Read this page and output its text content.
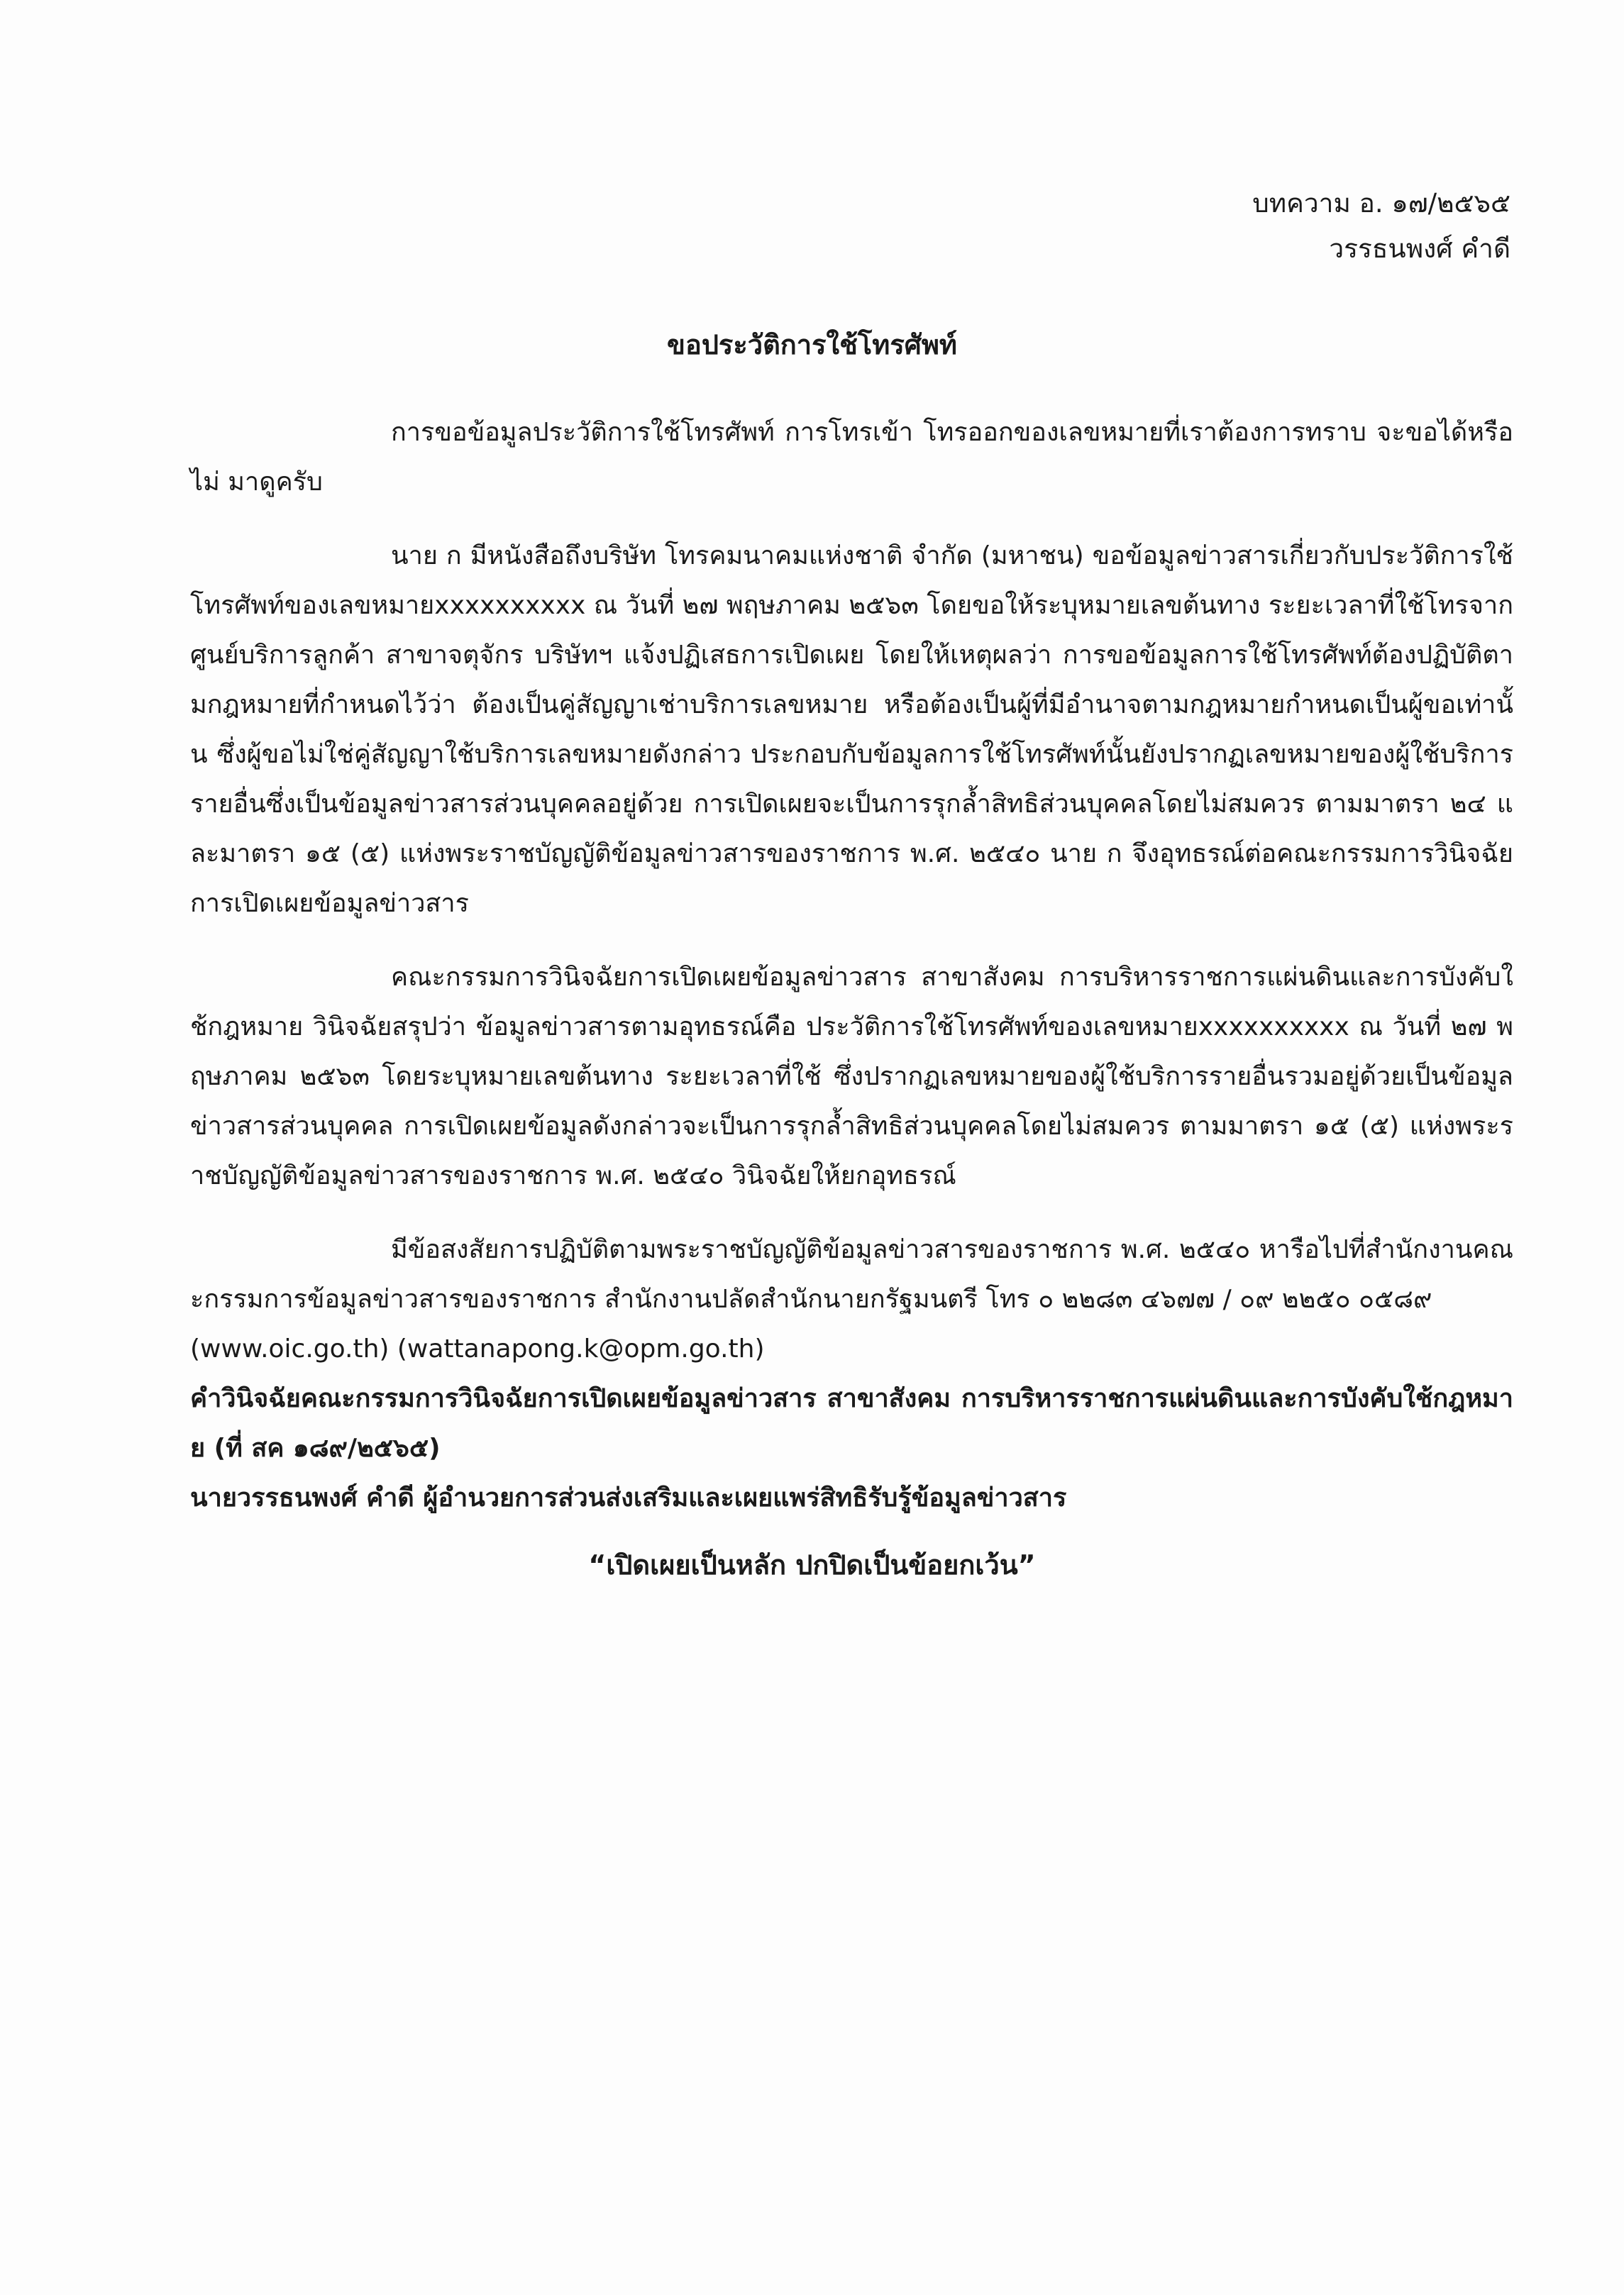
บทความ อ. ๑๗/๒๕๖๕
วรรธนพงศ์ คำดี
ขอประวัติการใช้โทรศัพท์

การขอข้อมูลประวัติการใช้โทรศัพท์ การโทรเข้า โทรออกของเลขหมายที่เราต้องการทราบ จะขอได้หรือไม่ มาดูครับ

นาย ก มีหนังสือถึงบริษัท โทรคมนาคมแห่งชาติ จำกัด (มหาชน) ขอข้อมูลข่าวสารเกี่ยวกับประวัติการใช้โทรศัพท์ของเลขหมายxxxxxxxxxx ณ วันที่ ๒๗ พฤษภาคม ๒๕๖๓ โดยขอให้ระบุหมายเลขต้นทาง ระยะเวลาที่ใช้โทรจากศูนย์บริการลูกค้า สาขาจตุจักร บริษัทฯ แจ้งปฏิเสธการเปิดเผย โดยให้เหตุผลว่า การขอข้อมูลการใช้โทรศัพท์ต้องปฏิบัติตามกฎหมายที่กำหนดไว้ว่า ต้องเป็นคู่สัญญาเช่าบริการเลขหมาย หรือต้องเป็นผู้ที่มีอำนาจตามกฎหมายกำหนดเป็นผู้ขอเท่านั้น ซึ่งผู้ขอไม่ใช่คู่สัญญาใช้บริการเลขหมายดังกล่าว ประกอบกับข้อมูลการใช้โทรศัพท์นั้นยังปรากฏเลขหมายของผู้ใช้บริการรายอื่นซึ่งเป็นข้อมูลข่าวสารส่วนบุคคลอยู่ด้วย การเปิดเผยจะเป็นการรุกล้ำสิทธิส่วนบุคคลโดยไม่สมควร ตามมาตรา ๒๔ และมาตรา ๑๕ (๕) แห่งพระราชบัญญัติข้อมูลข่าวสารของราชการ พ.ศ. ๒๕๔๐ นาย ก จึงอุทธรณ์ต่อคณะกรรมการวินิจฉัยการเปิดเผยข้อมูลข่าวสาร

คณะกรรมการวินิจฉัยการเปิดเผยข้อมูลข่าวสาร สาขาสังคม การบริหารราชการแผ่นดินและการบังคับใช้กฎหมาย วินิจฉัยสรุปว่า ข้อมูลข่าวสารตามอุทธรณ์คือ ประวัติการใช้โทรศัพท์ของเลขหมายxxxxxxxxxx ณ วันที่ ๒๗ พฤษภาคม ๒๕๖๓ โดยระบุหมายเลขต้นทาง ระยะเวลาที่ใช้ ซึ่งปรากฏเลขหมายของผู้ใช้บริการรายอื่นรวมอยู่ด้วยเป็นข้อมูลข่าวสารส่วนบุคคล การเปิดเผยข้อมูลดังกล่าวจะเป็นการรุกล้ำสิทธิส่วนบุคคลโดยไม่สมควร ตามมาตรา ๑๕ (๕) แห่งพระราชบัญญัติข้อมูลข่าวสารของราชการ พ.ศ. ๒๕๔๐ วินิจฉัยให้ยกอุทธรณ์

มีข้อสงสัยการปฏิบัติตามพระราชบัญญัติข้อมูลข่าวสารของราชการ พ.ศ. ๒๕๔๐ หารือไปที่สำนักงานคณะกรรมการข้อมูลข่าวสารของราชการ สำนักงานปลัดสำนักนายกรัฐมนตรี โทร ๐ ๒๒๘๓ ๔๖๗๗ / ๐๙ ๒๒๕๐ ๐๕๘๙

(www.oic.go.th) (wattanapong.k@opm.go.th)

คำวินิจฉัยคณะกรรมการวินิจฉัยการเปิดเผยข้อมูลข่าวสาร สาขาสังคม การบริหารราชการแผ่นดินและการบังคับใช้กฎหมาย (ที่ สค ๑๘๙/๒๕๖๕)

นายวรรธนพงศ์ คำดี ผู้อำนวยการส่วนส่งเสริมและเผยแพร่สิทธิรับรู้ข้อมูลข่าวสาร

“เปิดเผยเป็นหลัก ปกปิดเป็นข้อยกเว้น”
